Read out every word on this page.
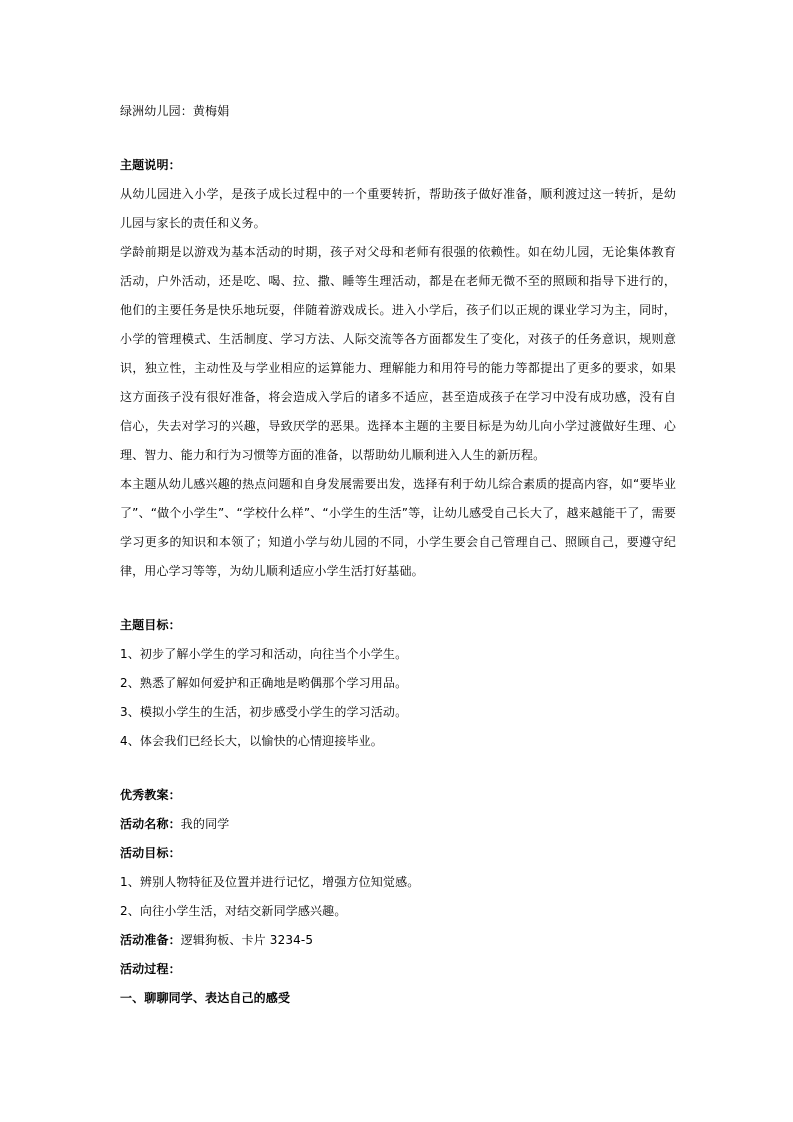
绿洲幼儿园：黄梅娟
主题说明：
从幼儿园进入小学，是孩子成长过程中的一个重要转折，帮助孩子做好准备，顺利渡过这一转折，是幼儿园与家长的责任和义务。
学龄前期是以游戏为基本活动的时期，孩子对父母和老师有很强的依赖性。如在幼儿园，无论集体教育活动，户外活动，还是吃、喝、拉、撒、睡等生理活动，都是在老师无微不至的照顾和指导下进行的，他们的主要任务是快乐地玩耍，伴随着游戏成长。进入小学后，孩子们以正规的课业学习为主，同时，小学的管理模式、生活制度、学习方法、人际交流等各方面都发生了变化，对孩子的任务意识，规则意识，独立性，主动性及与学业相应的运算能力、理解能力和用符号的能力等都提出了更多的要求，如果这方面孩子没有很好准备，将会造成入学后的诸多不适应，甚至造成孩子在学习中没有成功感，没有自信心，失去对学习的兴趣，导致厌学的恶果。选择本主题的主要目标是为幼儿向小学过渡做好生理、心理、智力、能力和行为习惯等方面的准备，以帮助幼儿顺利进入人生的新历程。
本主题从幼儿感兴趣的热点问题和自身发展需要出发，选择有利于幼儿综合素质的提高内容，如“要毕业了”、“做个小学生”、“学校什么样”、“小学生的生活”等，让幼儿感受自己长大了，越来越能干了，需要学习更多的知识和本领了；知道小学与幼儿园的不同，小学生要会自己管理自己、照顾自己，要遵守纪律，用心学习等等，为幼儿顺利适应小学生活打好基础。
主题目标：
1、初步了解小学生的学习和活动，向往当个小学生。
2、熟悉了解如何爱护和正确地是哟偶那个学习用品。
3、模拟小学生的生活，初步感受小学生的学习活动。
4、体会我们已经长大，以愉快的心情迎接毕业。
优秀教案：
活动名称：我的同学
活动目标：
1、辨别人物特征及位置并进行记忆，增强方位知觉感。
2、向往小学生活，对结交新同学感兴趣。
活动准备：逻辑狗板、卡片 3234-5
活动过程：
一、聊聊同学、表达自己的感受
